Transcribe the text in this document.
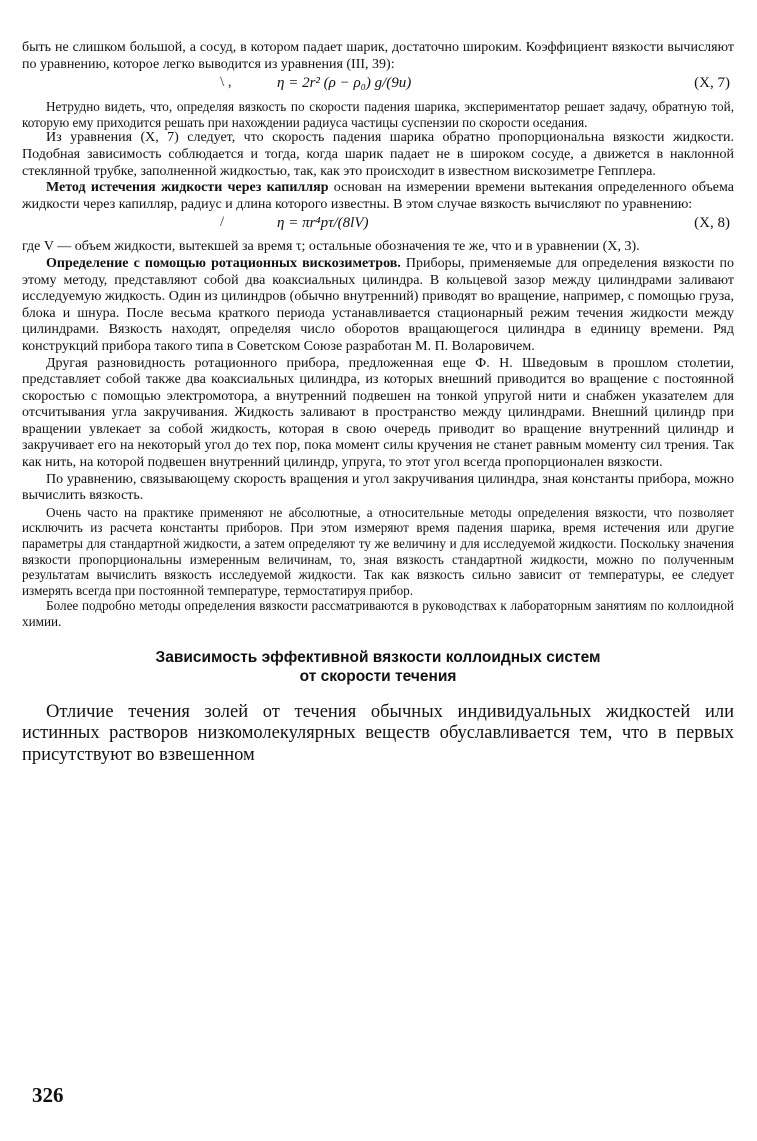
быть не слишком большой, а сосуд, в котором падает шарик, достаточно широким. Коэффициент вязкости вычисляют по уравнению, которое легко выводится из уравнения (III, 39):

\ ,	η = 2r² (ρ − ρ₀) g/(9u)	(X, 7)

Нетрудно видеть, что, определяя вязкость по скорости падения шарика, экспериментатор решает задачу, обратную той, которую ему приходится решать при нахождении радиуса частицы суспензии по скорости оседания.

Из уравнения (X, 7) следует, что скорость падения шарика обратно пропорциональна вязкости жидкости. Подобная зависимость соблюдается и тогда, когда шарик падает не в широком сосуде, а движется в наклонной стеклянной трубке, заполненной жидкостью, так, как это происходит в известном вискозиметре Гепплера.

Метод истечения жидкости через капилляр основан на измерении времени вытекания определенного объема жидкости через капилляр, радиус и длина которого известны. В этом случае вязкость вычисляют по уравнению:

/	η = πr⁴pτ/(8lV)	(X, 8)

где V — объем жидкости, вытекшей за время τ; остальные обозначения те же, что и в уравнении (X, 3).

Определение с помощью ротационных вискозиметров. Приборы, применяемые для определения вязкости по этому методу, представляют собой два коаксиальных цилиндра. В кольцевой зазор между цилиндрами заливают исследуемую жидкость. Один из цилиндров (обычно внутренний) приводят во вращение, например, с помощью груза, блока и шнура. После весьма краткого периода устанавливается стационарный режим течения жидкости между цилиндрами. Вязкость находят, определяя число оборотов вращающегося цилиндра в единицу времени. Ряд конструкций прибора такого типа в Советском Союзе разработан М. П. Воларовичем.

Другая разновидность ротационного прибора, предложенная еще Ф. Н. Шведовым в прошлом столетии, представляет собой также два коаксиальных цилиндра, из которых внешний приводится во вращение с постоянной скоростью с помощью электромотора, а внутренний подвешен на тонкой упругой нити и снабжен указателем для отсчитывания угла закручивания. Жидкость заливают в пространство между цилиндрами. Внешний цилиндр при вращении увлекает за собой жидкость, которая в свою очередь приводит во вращение внутренний цилиндр и закручивает его на некоторый угол до тех пор, пока момент силы кручения не станет равным моменту сил трения. Так как нить, на которой подвешен внутренний цилиндр, упруга, то этот угол всегда пропорционален вязкости.

По уравнению, связывающему скорость вращения и угол закручивания цилиндра, зная константы прибора, можно вычислить вязкость.

Очень часто на практике применяют не абсолютные, а относительные методы определения вязкости, что позволяет исключить из расчета константы приборов. При этом измеряют время падения шарика, время истечения или другие параметры для стандартной жидкости, а затем определяют ту же величину и для исследуемой жидкости. Поскольку значения вязкости пропорциональны измеренным величинам, то, зная вязкость стандартной жидкости, можно по полученным результатам вычислить вязкость исследуемой жидкости. Так как вязкость сильно зависит от температуры, ее следует измерять всегда при постоянной температуре, термостатируя прибор.

Более подробно методы определения вязкости рассматриваются в руководствах к лабораторным занятиям по коллоидной химии.

Зависимость эффективной вязкости коллоидных систем
от скорости течения

Отличие течения золей от течения обычных индивидуальных жидкостей или истинных растворов низкомолекулярных веществ обуславливается тем, что в первых присутствуют во взвешенном

326
